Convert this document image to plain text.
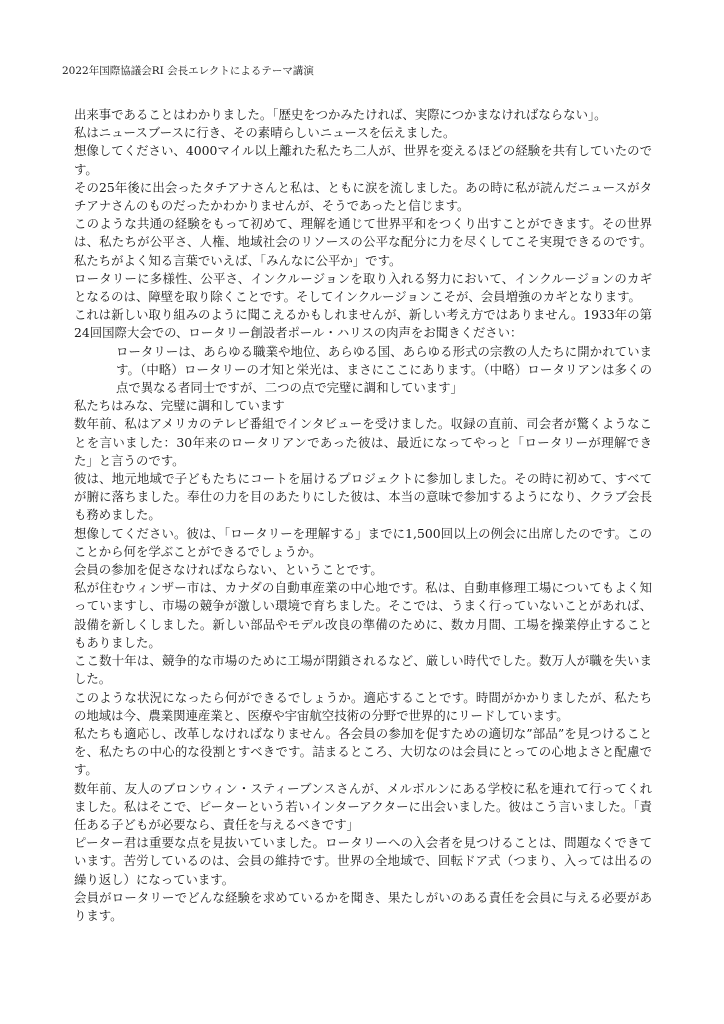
2022年国際協議会RI 会長エレクトによるテーマ講演

出来事であることはわかりました。「歴史をつかみたければ、実際につかまなければならない」。

私はニュースブースに行き、その素晴らしいニュースを伝えました。

想像してください、4000マイル以上離れた私たち二人が、世界を変えるほどの経験を共有していたのです。

その25年後に出会ったタチアナさんと私は、ともに涙を流しました。あの時に私が読んだニュースがタチアナさんのものだったかわかりませんが、そうであったと信じます。

このような共通の経験をもって初めて、理解を通じて世界平和をつくり出すことができます。その世界は、私たちが公平さ、人権、地域社会のリソースの公平な配分に力を尽くしてこそ実現できるのです。私たちがよく知る言葉でいえば、「みんなに公平か」です。

ロータリーに多様性、公平さ、インクルージョンを取り入れる努力において、インクルージョンのカギとなるのは、障壁を取り除くことです。そしてインクルージョンこそが、会員増強のカギとなります。

これは新しい取り組みのように聞こえるかもしれませんが、新しい考え方ではありません。1933年の第24回国際大会での、ロータリー創設者ポール・ハリスの肉声をお聞きください：

ロータリーは、あらゆる職業や地位、あらゆる国、あらゆる形式の宗教の人たちに開かれています。（中略）ロータリーの才知と栄光は、まさにここにあります。（中略）ロータリアンは多くの点で異なる者同士ですが、二つの点で完璧に調和しています」

私たちはみな、完璧に調和しています

数年前、私はアメリカのテレビ番組でインタビューを受けました。収録の直前、司会者が驚くようなことを言いました：30年来のロータリアンであった彼は、最近になってやっと「ロータリーが理解できた」と言うのです。

彼は、地元地域で子どもたちにコートを届けるプロジェクトに参加しました。その時に初めて、すべてが腑に落ちました。奉仕の力を目のあたりにした彼は、本当の意味で参加するようになり、クラブ会長も務めました。

想像してください。彼は、「ロータリーを理解する」までに1,500回以上の例会に出席したのです。このことから何を学ぶことができるでしょうか。

会員の参加を促さなければならない、ということです。

私が住むウィンザー市は、カナダの自動車産業の中心地です。私は、自動車修理工場についてもよく知っていますし、市場の競争が激しい環境で育ちました。そこでは、うまく行っていないことがあれば、設備を新しくしました。新しい部品やモデル改良の準備のために、数カ月間、工場を操業停止することもありました。

ここ数十年は、競争的な市場のために工場が閉鎖されるなど、厳しい時代でした。数万人が職を失いました。

このような状況になったら何ができるでしょうか。適応することです。時間がかかりましたが、私たちの地域は今、農業関連産業と、医療や宇宙航空技術の分野で世界的にリードしています。

私たちも適応し、改革しなければなりません。各会員の参加を促すための適切な”部品”を見つけることを、私たちの中心的な役割とすべきです。詰まるところ、大切なのは会員にとっての心地よさと配慮です。

数年前、友人のブロンウィン・スティーブンスさんが、メルボルンにある学校に私を連れて行ってくれました。私はそこで、ピーターという若いインターアクターに出会いました。彼はこう言いました。「責任ある子どもが必要なら、責任を与えるべきです」

ピーター君は重要な点を見抜いていました。ロータリーへの入会者を見つけることは、問題なくできています。苦労しているのは、会員の維持です。世界の全地域で、回転ドア式（つまり、入っては出るの繰り返し）になっています。

会員がロータリーでどんな経験を求めているかを聞き、果たしがいのある責任を会員に与える必要があります。
